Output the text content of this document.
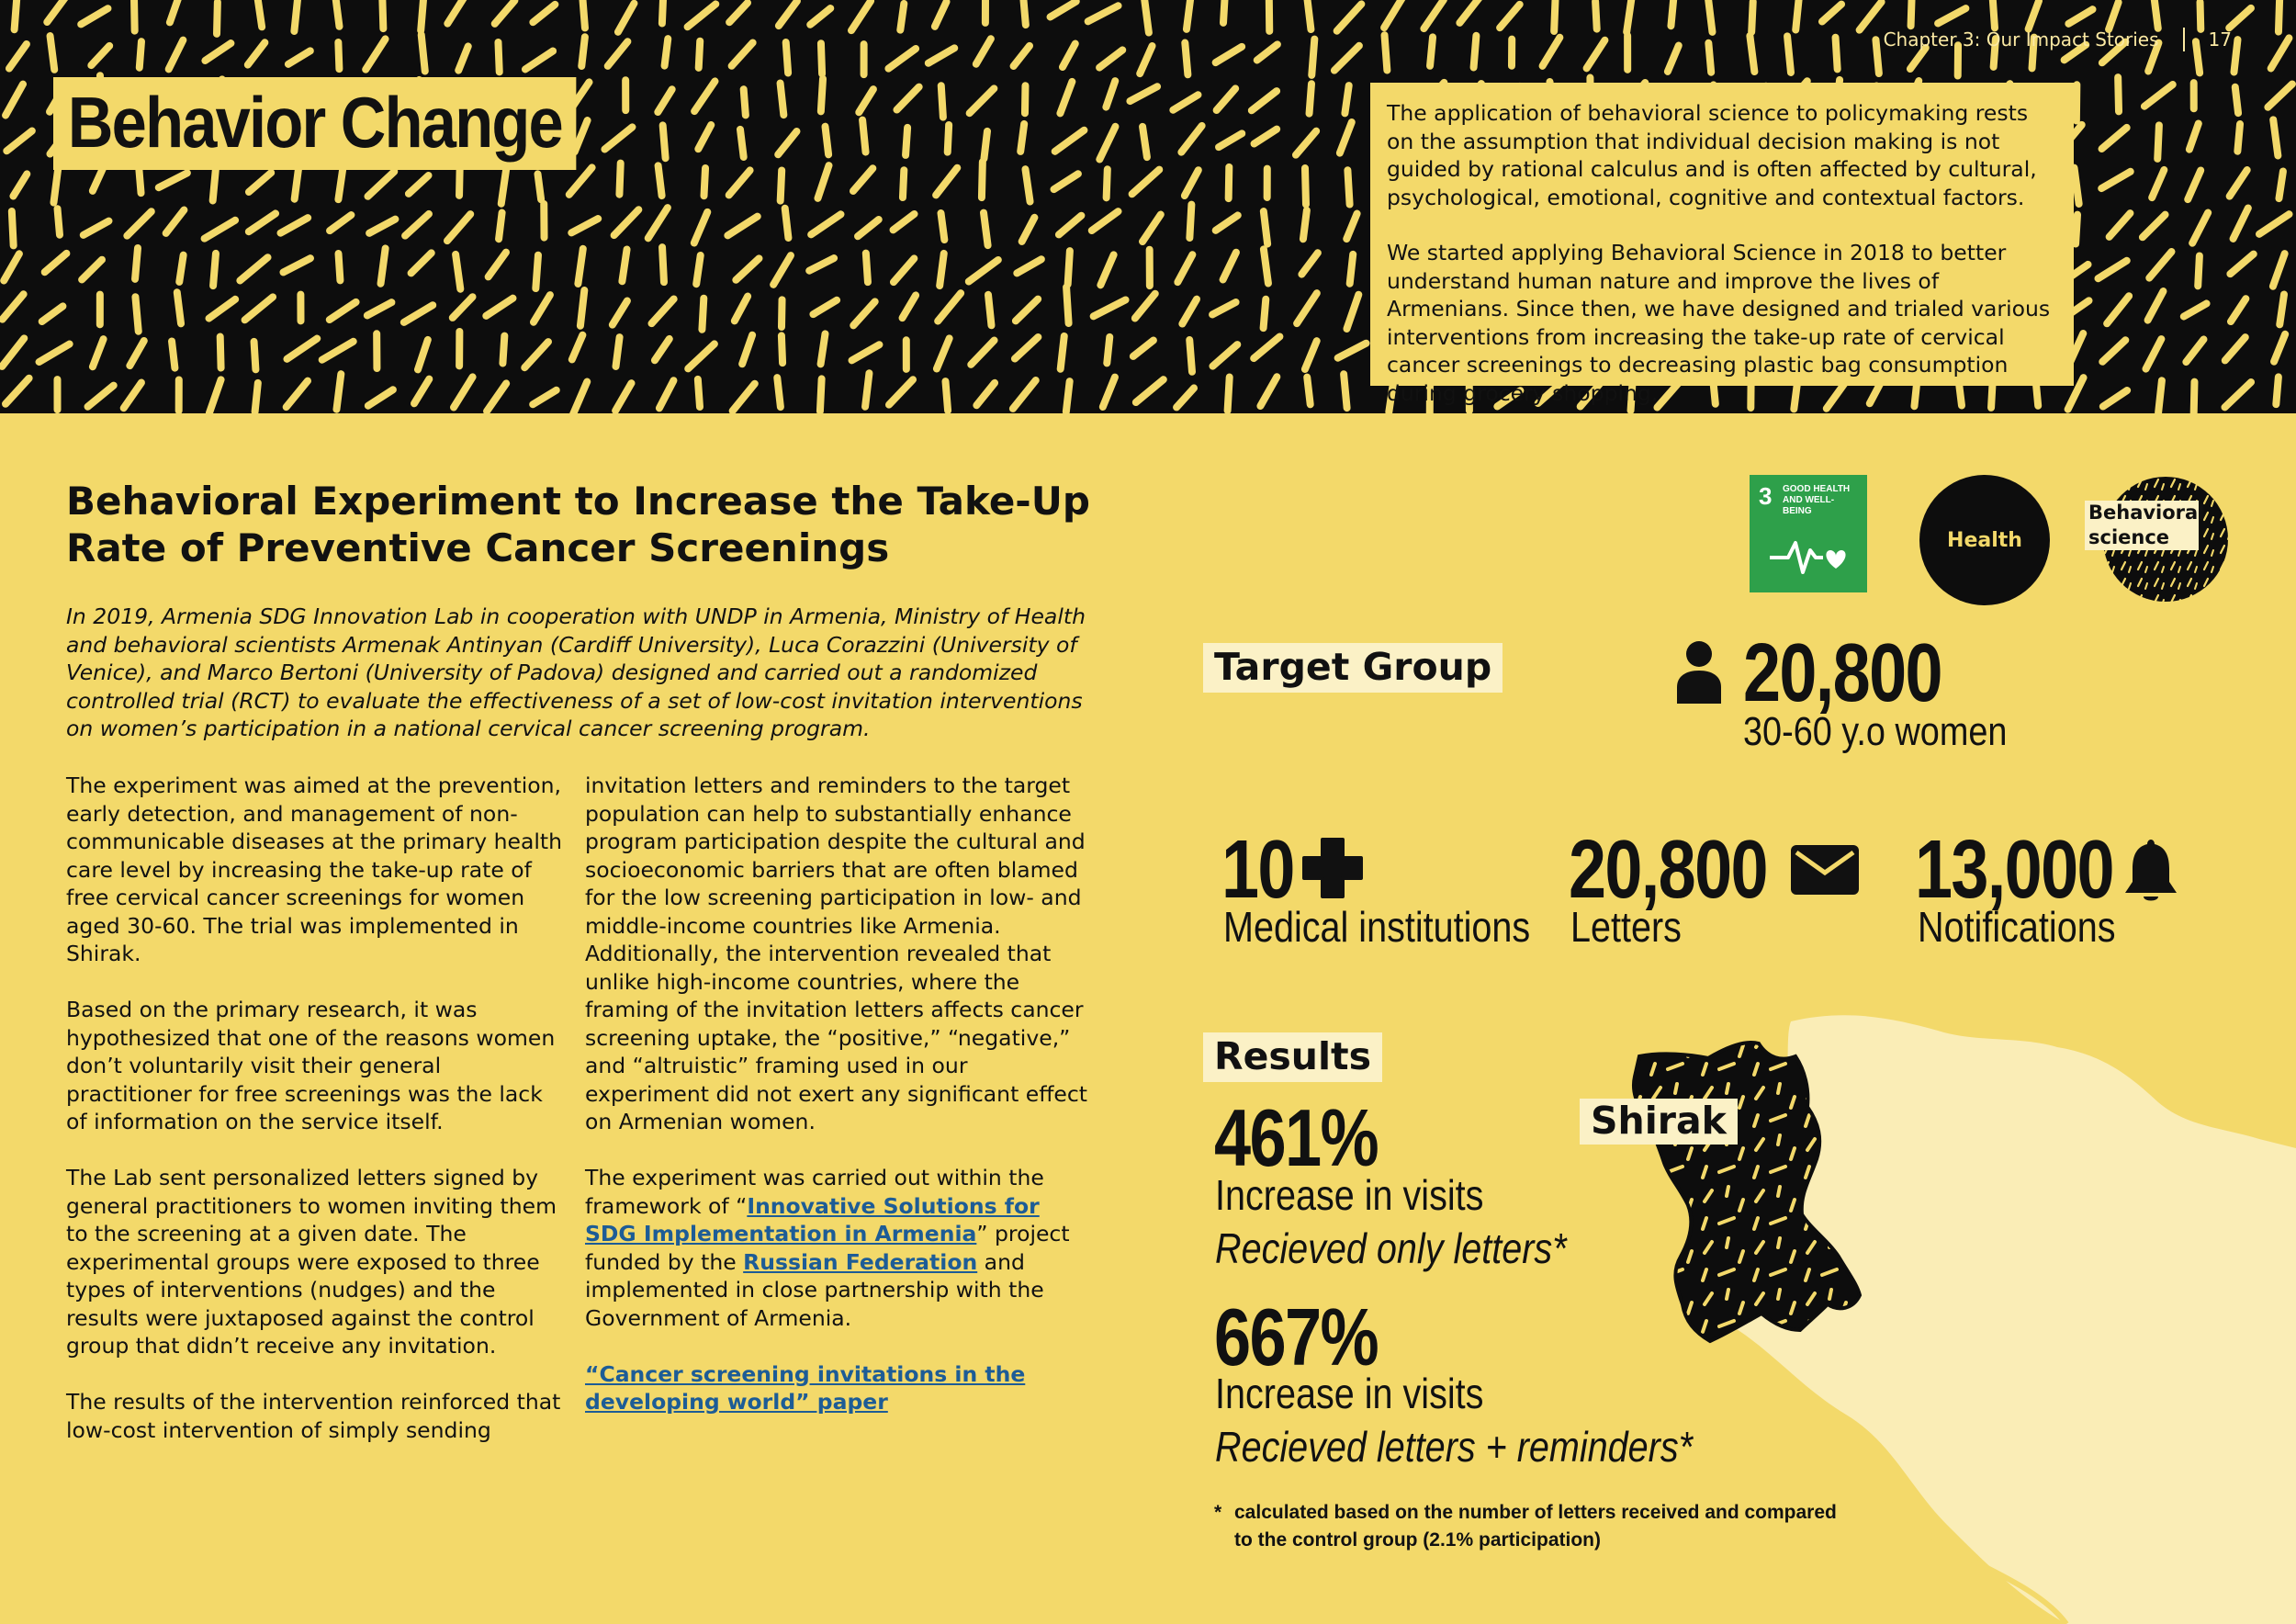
Chapter 3: Our Impact Stories	17
Behavior Change	The application of behavioral science to policymaking rests on the assumption that individual decision making is not guided by rational calculus and is often affected by cultural, psychological, emotional, cognitive and contextual factors.

We started applying Behavioral Science in 2018 to better understand human nature and improve the lives of Armenians. Since then, we have designed and trialed various interventions from increasing the take-up rate of cervical cancer screenings to decreasing plastic bag consumption during grocery shopping.

Behavioral Experiment to Increase the Take-Up Rate of Preventive Cancer Screenings

In 2019, Armenia SDG Innovation Lab in cooperation with UNDP in Armenia, Ministry of Health and behavioral scientists Armenak Antinyan (Cardiff University), Luca Corazzini (University of Venice), and Marco Bertoni (University of Padova) designed and carried out a randomized controlled trial (RCT) to evaluate the effectiveness of a set of low-cost invitation interventions on women’s participation in a national cervical cancer screening program.

The experiment was aimed at the prevention, early detection, and management of non-communicable diseases at the primary health care level by increasing the take-up rate of free cervical cancer screenings for women aged 30-60. The trial was implemented in Shirak.

Based on the primary research, it was hypothesized that one of the reasons women don’t voluntarily visit their general practitioner for free screenings was the lack of information on the service itself.

The Lab sent personalized letters signed by general practitioners to women inviting them to the screening at a given date. The experimental groups were exposed to three types of interventions (nudges) and the results were juxtaposed against the control group that didn’t receive any invitation.

The results of the intervention reinforced that low-cost intervention of simply sending

invitation letters and reminders to the target population can help to substantially enhance program participation despite the cultural and socioeconomic barriers that are often blamed for the low screening participation in low- and middle-income countries like Armenia. Additionally, the intervention revealed that unlike high-income countries, where the framing of the invitation letters affects cancer screening uptake, the “positive,” “negative,” and “altruistic” framing used in our experiment did not exert any significant effect on Armenian women.

The experiment was carried out within the framework of “Innovative Solutions for SDG Implementation in Armenia” project funded by the Russian Federation and implemented in close partnership with the Government of Armenia.

“Cancer screening invitations in the developing world” paper

3 GOOD HEALTH AND WELL-BEING
Health
Behavioral science
Target Group	20,800
30-60 y.o women
10
Medical institutions
20,800
Letters
13,000
Notifications
Results
Shirak
461%
Increase in visits
Recieved only letters*
667%
Increase in visits
Recieved letters + reminders*
* calculated based on the number of letters received and compared
to the control group (2.1% participation)
